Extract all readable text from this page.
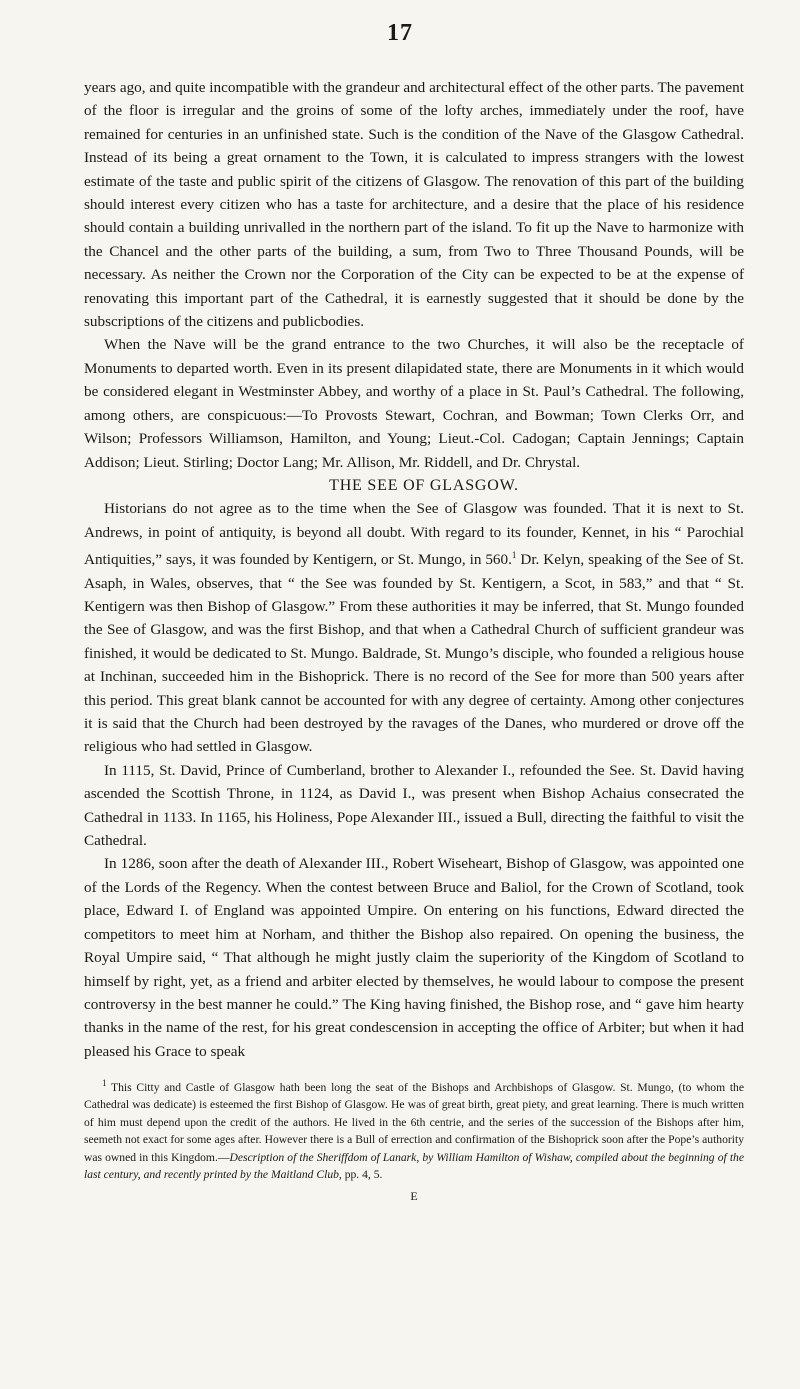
17

years ago, and quite incompatible with the grandeur and architectural effect of the other parts. The pavement of the floor is irregular and the groins of some of the lofty arches, immediately under the roof, have remained for centuries in an unfinished state. Such is the condition of the Nave of the Glasgow Cathedral. Instead of its being a great ornament to the Town, it is calculated to impress strangers with the lowest estimate of the taste and public spirit of the citizens of Glasgow. The renovation of this part of the building should interest every citizen who has a taste for architecture, and a desire that the place of his residence should contain a building unrivalled in the northern part of the island. To fit up the Nave to harmonize with the Chancel and the other parts of the building, a sum, from Two to Three Thousand Pounds, will be necessary. As neither the Crown nor the Corporation of the City can be expected to be at the expense of renovating this important part of the Cathedral, it is earnestly suggested that it should be done by the subscriptions of the citizens and publicbodies.

When the Nave will be the grand entrance to the two Churches, it will also be the receptacle of Monuments to departed worth. Even in its present dilapidated state, there are Monuments in it which would be considered elegant in Westminster Abbey, and worthy of a place in St. Paul’s Cathedral. The following, among others, are conspicuous:—To Provosts Stewart, Cochran, and Bowman; Town Clerks Orr, and Wilson; Professors Williamson, Hamilton, and Young; Lieut.-Col. Cadogan; Captain Jennings; Captain Addison; Lieut. Stirling; Doctor Lang; Mr. Allison, Mr. Riddell, and Dr. Chrystal.

THE SEE OF GLASGOW.

Historians do not agree as to the time when the See of Glasgow was founded. That it is next to St. Andrews, in point of antiquity, is beyond all doubt. With regard to its founder, Kennet, in his “ Parochial Antiquities,” says, it was founded by Kentigern, or St. Mungo, in 560.$^1$ Dr. Kelyn, speaking of the See of St. Asaph, in Wales, observes, that “ the See was founded by St. Kentigern, a Scot, in 583,” and that “ St. Kentigern was then Bishop of Glasgow.” From these authorities it may be inferred, that St. Mungo founded the See of Glasgow, and was the first Bishop, and that when a Cathedral Church of sufficient grandeur was finished, it would be dedicated to St. Mungo. Baldrade, St. Mungo’s disciple, who founded a religious house at Inchinan, succeeded him in the Bishoprick. There is no record of the See for more than 500 years after this period. This great blank cannot be accounted for with any degree of certainty. Among other conjectures it is said that the Church had been destroyed by the ravages of the Danes, who murdered or drove off the religious who had settled in Glasgow.

In 1115, St. David, Prince of Cumberland, brother to Alexander I., refounded the See. St. David having ascended the Scottish Throne, in 1124, as David I., was present when Bishop Achaius consecrated the Cathedral in 1133. In 1165, his Holiness, Pope Alexander III., issued a Bull, directing the faithful to visit the Cathedral.

In 1286, soon after the death of Alexander III., Robert Wiseheart, Bishop of Glasgow, was appointed one of the Lords of the Regency. When the contest between Bruce and Baliol, for the Crown of Scotland, took place, Edward I. of England was appointed Umpire. On entering on his functions, Edward directed the competitors to meet him at Norham, and thither the Bishop also repaired. On opening the business, the Royal Umpire said, “ That although he might justly claim the superiority of the Kingdom of Scotland to himself by right, yet, as a friend and arbiter elected by themselves, he would labour to compose the present controversy in the best manner he could.” The King having finished, the Bishop rose, and “ gave him hearty thanks in the name of the rest, for his great condescension in accepting the office of Arbiter; but when it had pleased his Grace to speak

$^1$ This Citty and Castle of Glasgow hath been long the seat of the Bishops and Archbishops of Glasgow. St. Mungo, (to whom the Cathedral was dedicate) is esteemed the first Bishop of Glasgow. He was of great birth, great piety, and great learning. There is much written of him must depend upon the credit of the authors. He lived in the 6th centrie, and the series of the succession of the Bishops after him, seemeth not exact for some ages after. However there is a Bull of errection and confirmation of the Bishoprick soon after the Pope’s authority was owned in this Kingdom.—Description of the Sheriffdom of Lanark, by William Hamilton of Wishaw, compiled about the beginning of the last century, and recently printed by the Maitland Club, pp. 4, 5.

E
